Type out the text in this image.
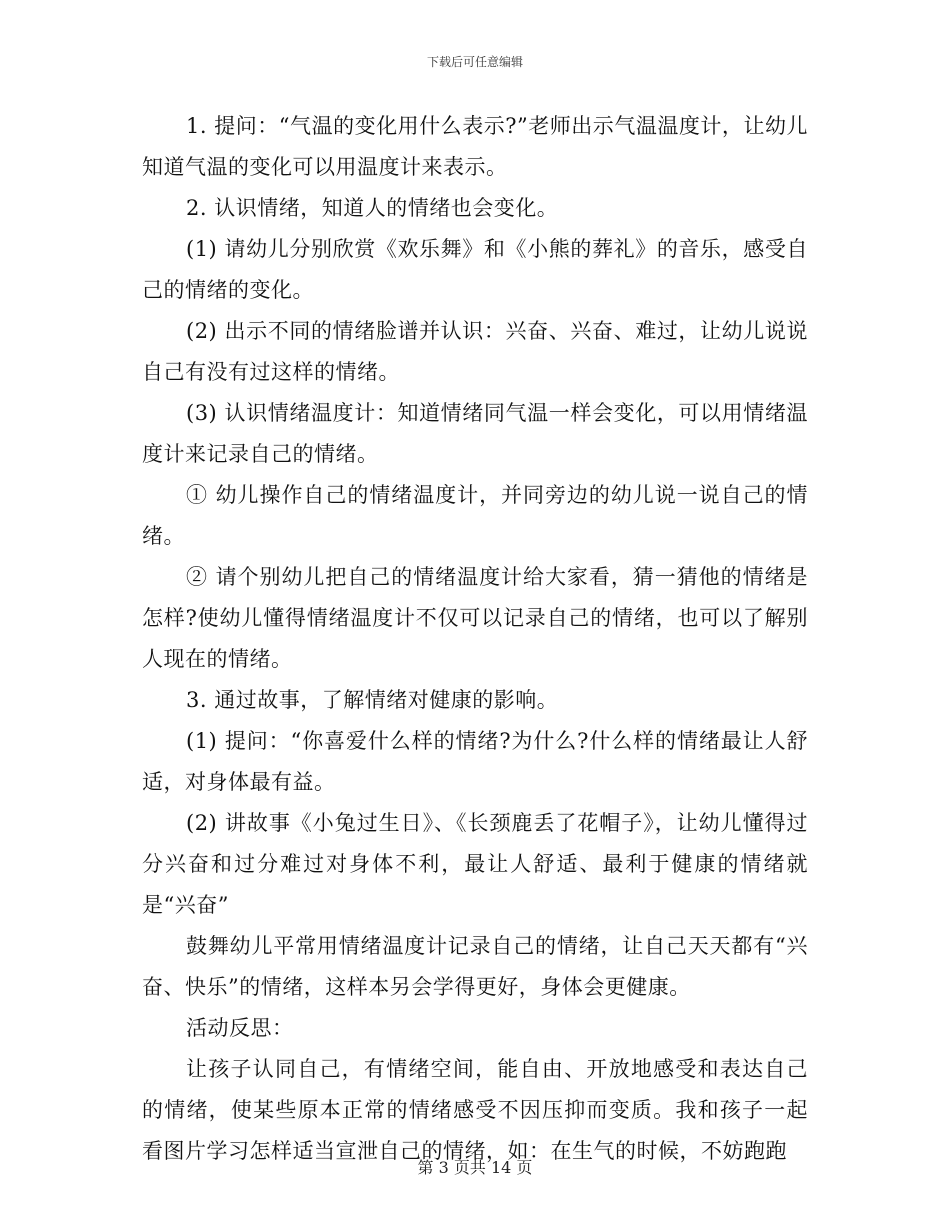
下载后可任意编辑

1. 提问：“气温的变化用什么表示?”老师出示气温温度计，让幼儿知道气温的变化可以用温度计来表示。

2. 认识情绪，知道人的情绪也会变化。

(1) 请幼儿分别欣赏《欢乐舞》和《小熊的葬礼》的音乐，感受自己的情绪的变化。

(2) 出示不同的情绪脸谱并认识：兴奋、兴奋、难过，让幼儿说说自己有没有过这样的情绪。

(3) 认识情绪温度计：知道情绪同气温一样会变化，可以用情绪温度计来记录自己的情绪。

① 幼儿操作自己的情绪温度计，并同旁边的幼儿说一说自己的情绪。

② 请个别幼儿把自己的情绪温度计给大家看，猜一猜他的情绪是怎样?使幼儿懂得情绪温度计不仅可以记录自己的情绪，也可以了解别人现在的情绪。

3. 通过故事，了解情绪对健康的影响。

(1) 提问：“你喜爱什么样的情绪?为什么?什么样的情绪最让人舒适，对身体最有益。

(2) 讲故事《小兔过生日》、《长颈鹿丢了花帽子》，让幼儿懂得过分兴奋和过分难过对身体不利，最让人舒适、最利于健康的情绪就是“兴奋”

鼓舞幼儿平常用情绪温度计记录自己的情绪，让自己天天都有“兴奋、快乐”的情绪，这样本另会学得更好，身体会更健康。

活动反思：

让孩子认同自己，有情绪空间，能自由、开放地感受和表达自己的情绪，使某些原本正常的情绪感受不因压抑而变质。我和孩子一起看图片学习怎样适当宣泄自己的情绪，如：在生气的时候，不妨跑跑

第 3 页共 14 页
